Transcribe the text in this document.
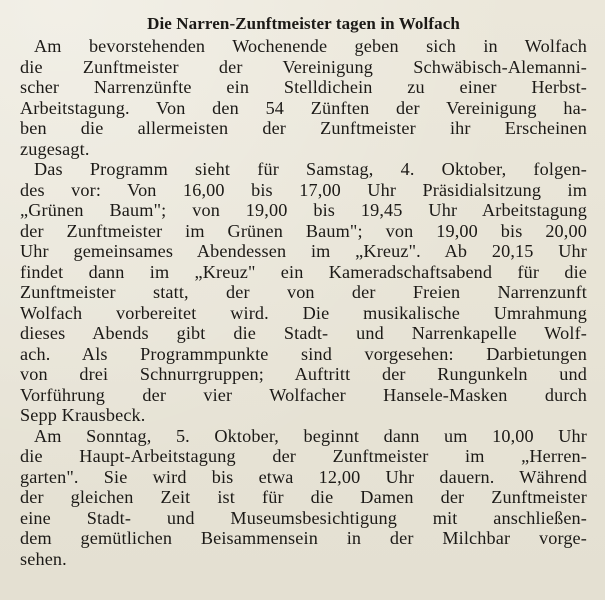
Die Narren-Zunftmeister tagen in Wolfach
Am bevorstehenden Wochenende geben sich in Wolfach
die Zunftmeister der Vereinigung Schwäbisch-Alemanni-
scher Narrenzünfte ein Stelldichein zu einer Herbst-
Arbeitstagung. Von den 54 Zünften der Vereinigung ha-
ben die allermeisten der Zunftmeister ihr Erscheinen
zugesagt.
Das Programm sieht für Samstag, 4. Oktober, folgen-
des vor: Von 16,00 bis 17,00 Uhr Präsidialsitzung im
„Grünen Baum"; von 19,00 bis 19,45 Uhr Arbeitstagung
der Zunftmeister im Grünen Baum"; von 19,00 bis 20,00
Uhr gemeinsames Abendessen im „Kreuz". Ab 20,15 Uhr
findet dann im „Kreuz" ein Kameradschaftsabend für die
Zunftmeister statt, der von der Freien Narrenzunft
Wolfach vorbereitet wird. Die musikalische Umrahmung
dieses Abends gibt die Stadt- und Narrenkapelle Wolf-
ach. Als Programmpunkte sind vorgesehen: Darbietungen
von drei Schnurrgruppen; Auftritt der Rungunkeln und
Vorführung der vier Wolfacher Hansele-Masken durch
Sepp Krausbeck.
Am Sonntag, 5. Oktober, beginnt dann um 10,00 Uhr
die Haupt-Arbeitstagung der Zunftmeister im „Herren-
garten". Sie wird bis etwa 12,00 Uhr dauern. Während
der gleichen Zeit ist für die Damen der Zunftmeister
eine Stadt- und Museumsbesichtigung mit anschließen-
dem gemütlichen Beisammensein in der Milchbar vorge-
sehen.
